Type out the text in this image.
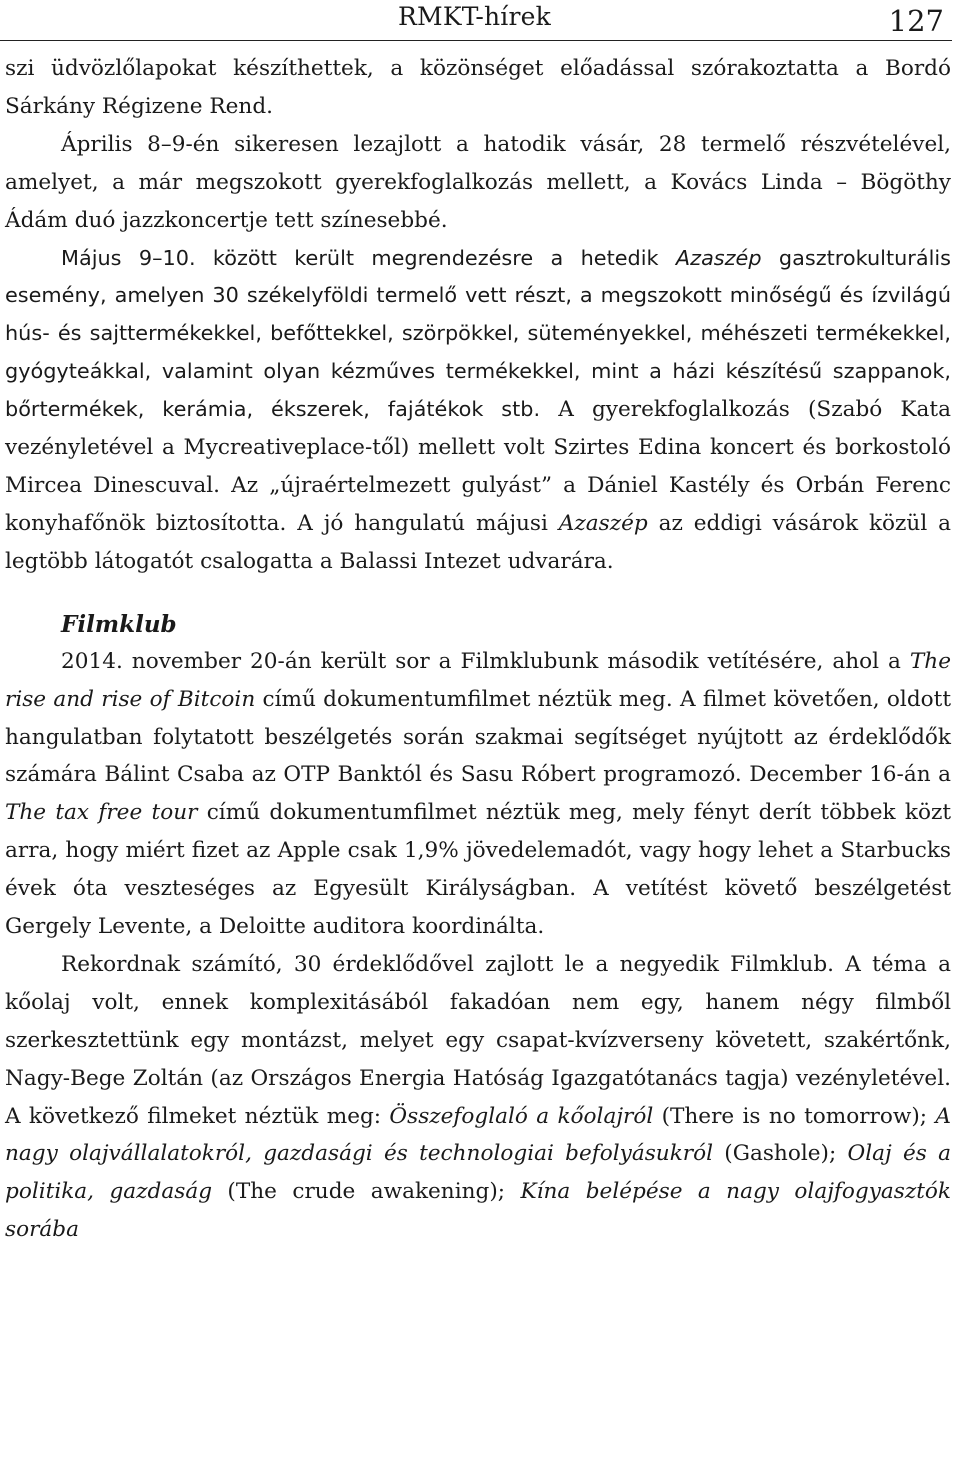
RMKT-hírek	127

szi üdvözlőlapokat készíthettek, a közönséget előadással szórakoztatta a Bordó Sárkány Régizene Rend.

Április 8–9-én sikeresen lezajlott a hatodik vásár, 28 termelő részvételével, amelyet, a már megszokott gyerekfoglalkozás mellett, a Kovács Linda – Bögöthy Ádám duó jazzkoncertje tett színesebbé.

Május 9–10. között került megrendezésre a hetedik Azaszép gasztrokulturális esemény, amelyen 30 székelyföldi termelő vett részt, a megszokott minőségű és ízvilágú hús- és sajttermékekkel, befőttekkel, szörpökkel, süteményekkel, méhészeti termékekkel, gyógyteákkal, valamint olyan kézműves termékekkel, mint a házi készítésű szappanok, bőrtermékek, kerámia, ékszerek, fajátékok stb. A gyerekfoglalkozás (Szabó Kata vezényletével a Mycreativeplace-től) mellett volt Szirtes Edina koncert és borkostoló Mircea Dinescuval. Az „újraértelmezett gulyást” a Dániel Kastély és Orbán Ferenc konyhafőnök biztosította. A jó hangulatú májusi Azaszép az eddigi vásárok közül a legtöbb látogatót csalogatta a Balassi Intezet udvarára.

Filmklub

2014. november 20-án került sor a Filmklubunk második vetítésére, ahol a The rise and rise of Bitcoin című dokumentumfilmet néztük meg. A filmet követően, oldott hangulatban folytatott beszélgetés során szakmai segítséget nyújtott az érdeklődők számára Bálint Csaba az OTP Banktól és Sasu Róbert programozó. December 16-án a The tax free tour című dokumentumfilmet néztük meg, mely fényt derít többek közt arra, hogy miért fizet az Apple csak 1,9% jövedelemadót, vagy hogy lehet a Starbucks évek óta veszteséges az Egyesült Királyságban. A vetítést követő beszélgetést Gergely Levente, a Deloitte auditora koordinálta.

Rekordnak számító, 30 érdeklődővel zajlott le a negyedik Filmklub. A téma a kőolaj volt, ennek komplexitásából fakadóan nem egy, hanem négy filmből szerkesztettünk egy montázst, melyet egy csapat-kvízverseny követett, szakértőnk, Nagy-Bege Zoltán (az Országos Energia Hatóság Igazgatótanács tagja) vezényletével. A következő filmeket néztük meg: Összefoglaló a kőolajról (There is no tomorrow); A nagy olajvállalatokról, gazdasági és technologiai befolyásukról (Gashole); Olaj és a politika, gazdaság (The crude awakening); Kína belépése a nagy olajfogyasztók sorába
